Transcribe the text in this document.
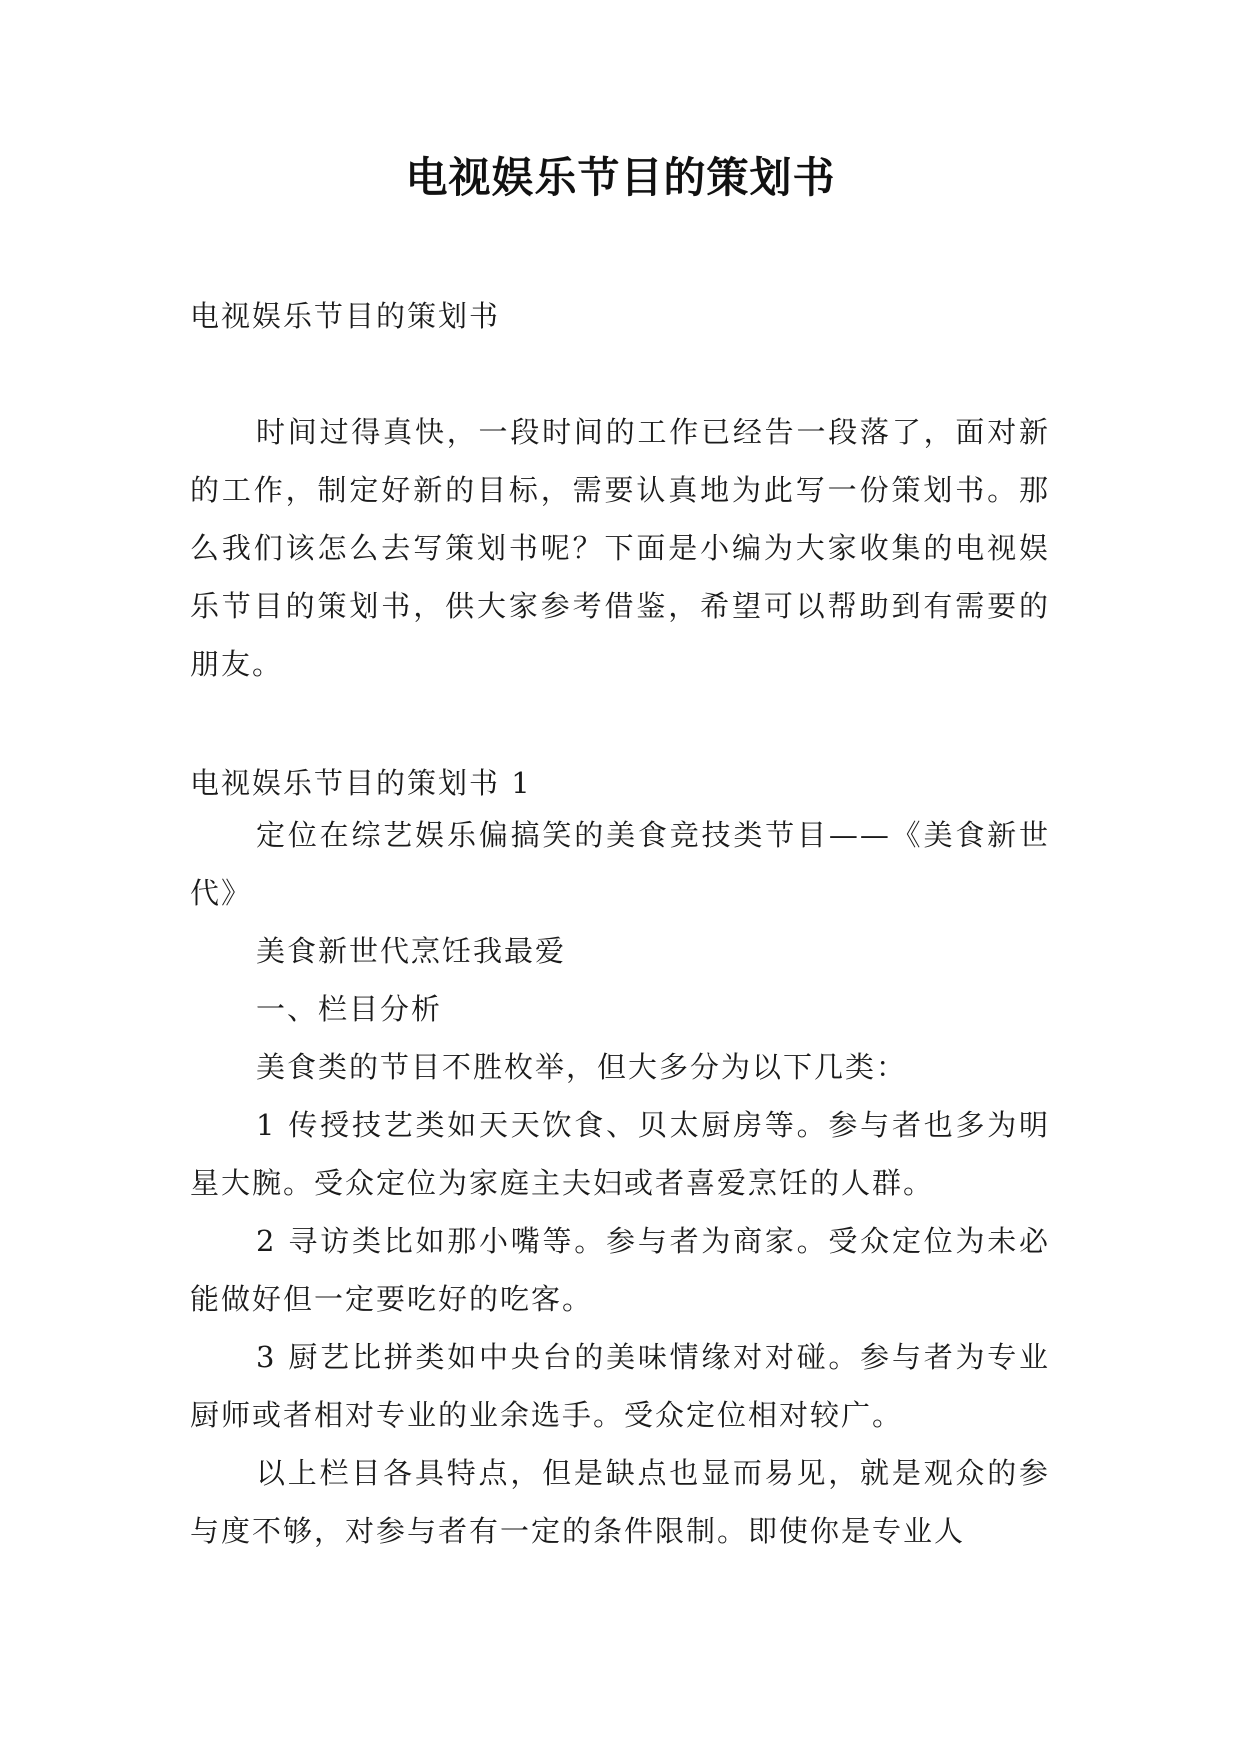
电视娱乐节目的策划书
电视娱乐节目的策划书
时间过得真快，一段时间的工作已经告一段落了，面对新的工作，制定好新的目标，需要认真地为此写一份策划书。那么我们该怎么去写策划书呢？下面是小编为大家收集的电视娱乐节目的策划书，供大家参考借鉴，希望可以帮助到有需要的朋友。
电视娱乐节目的策划书 1

定位在综艺娱乐偏搞笑的美食竞技类节目——《美食新世代》

美食新世代烹饪我最爱

一、栏目分析

美食类的节目不胜枚举，但大多分为以下几类：

1 传授技艺类如天天饮食、贝太厨房等。参与者也多为明星大腕。受众定位为家庭主夫妇或者喜爱烹饪的人群。

2 寻访类比如那小嘴等。参与者为商家。受众定位为未必能做好但一定要吃好的吃客。

3 厨艺比拼类如中央台的美味情缘对对碰。参与者为专业厨师或者相对专业的业余选手。受众定位相对较广。

以上栏目各具特点，但是缺点也显而易见，就是观众的参与度不够，对参与者有一定的条件限制。即使你是专业人
